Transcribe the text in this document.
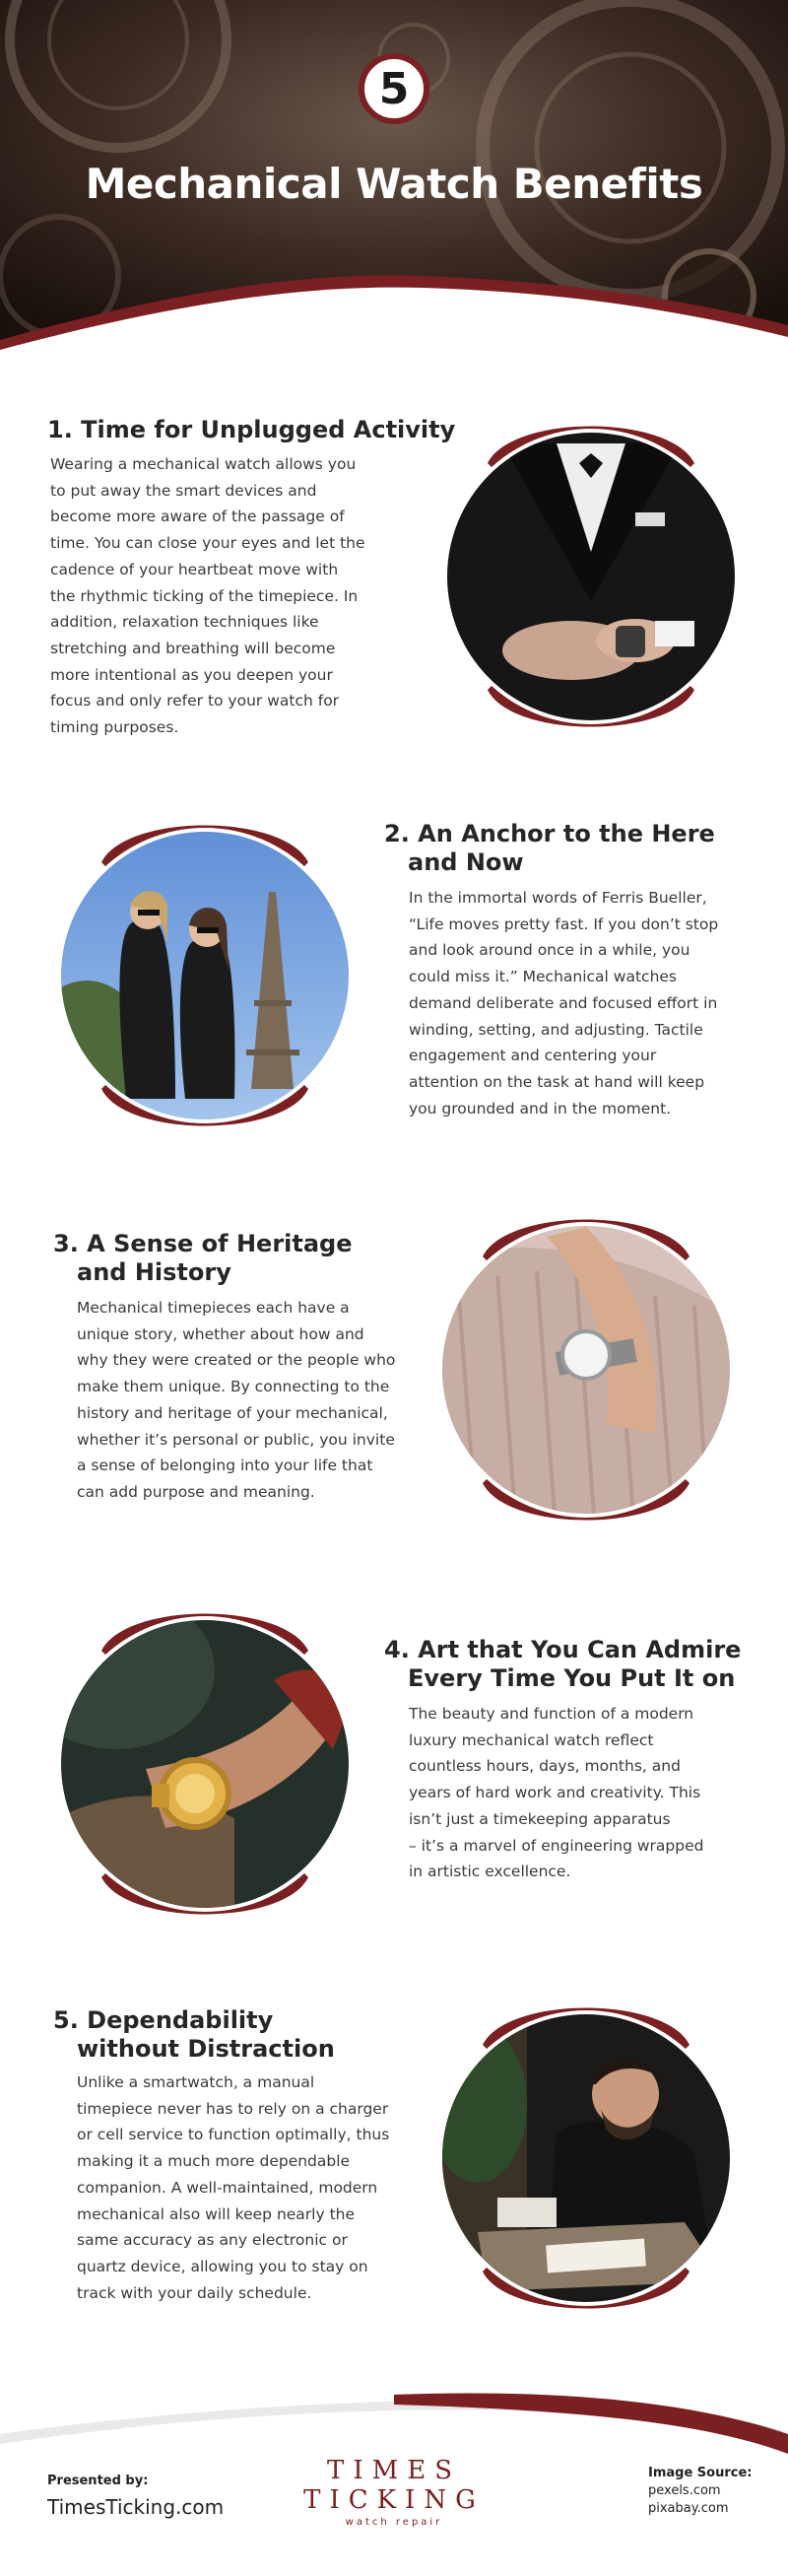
5
Mechanical Watch Benefits
1. Time for Unplugged Activity
Wearing a mechanical watch allows you
to put away the smart devices and
become more aware of the passage of
time. You can close your eyes and let the
cadence of your heartbeat move with
the rhythmic ticking of the timepiece. In
addition, relaxation techniques like
stretching and breathing will become
more intentional as you deepen your
focus and only refer to your watch for
timing purposes.
2. An Anchor to the Here
and Now
In the immortal words of Ferris Bueller,
“Life moves pretty fast. If you don’t stop
and look around once in a while, you
could miss it.” Mechanical watches
demand deliberate and focused effort in
winding, setting, and adjusting. Tactile
engagement and centering your
attention on the task at hand will keep
you grounded and in the moment.
3. A Sense of Heritage
and History
Mechanical timepieces each have a
unique story, whether about how and
why they were created or the people who
make them unique. By connecting to the
history and heritage of your mechanical,
whether it’s personal or public, you invite
a sense of belonging into your life that
can add purpose and meaning.
4. Art that You Can Admire
Every Time You Put It on
The beauty and function of a modern
luxury mechanical watch reflect
countless hours, days, months, and
years of hard work and creativity. This
isn’t just a timekeeping apparatus
– it’s a marvel of engineering wrapped
in artistic excellence.
5. Dependability
without Distraction
Unlike a smartwatch, a manual
timepiece never has to rely on a charger
or cell service to function optimally, thus
making it a much more dependable
companion. A well-maintained, modern
mechanical also will keep nearly the
same accuracy as any electronic or
quartz device, allowing you to stay on
track with your daily schedule.
Presented by:
TimesTicking.com
TIMES
TICKING
watch repair
Image Source:
pexels.com
pixabay.com
